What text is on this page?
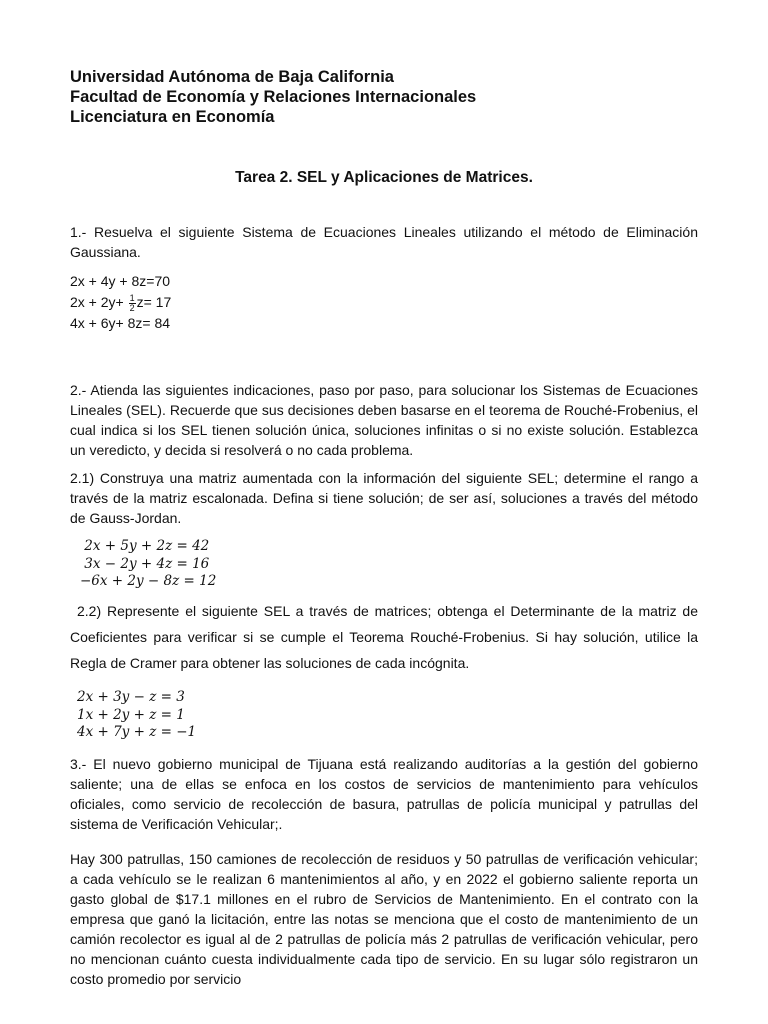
Universidad Autónoma de Baja California
Facultad de Economía y Relaciones Internacionales
Licenciatura en Economía
Tarea 2. SEL y Aplicaciones de Matrices.
1.- Resuelva el siguiente Sistema de Ecuaciones Lineales utilizando el método de Eliminación Gaussiana.
2x + 4y + 8z=70
$2x + 2y+ \frac{1}{2} z= 17$
4x + 6y+ 8z= 84
2.- Atienda las siguientes indicaciones, paso por paso, para solucionar los Sistemas de Ecuaciones Lineales (SEL). Recuerde que sus decisiones deben basarse en el teorema de Rouché-Frobenius, el cual indica si los SEL tienen solución única, soluciones infinitas o si no existe solución. Establezca un veredicto, y decida si resolverá o no cada problema.
2.1) Construya una matriz aumentada con la información del siguiente SEL; determine el rango a través de la matriz escalonada. Defina si tiene solución; de ser así, soluciones a través del método de Gauss-Jordan.
2x + 5y + 2z = 42
3x − 2y + 4z = 16
−6x + 2y − 8z = 12
2.2) Represente el siguiente SEL a través de matrices; obtenga el Determinante de la matriz de Coeficientes para verificar si se cumple el Teorema Rouché-Frobenius. Si hay solución, utilice la Regla de Cramer para obtener las soluciones de cada incógnita.
2x + 3y − z = 3
1x + 2y + z = 1
4x + 7y + z = −1
3.- El nuevo gobierno municipal de Tijuana está realizando auditorías a la gestión del gobierno saliente; una de ellas se enfoca en los costos de servicios de mantenimiento para vehículos oficiales, como servicio de recolección de basura, patrullas de policía municipal y patrullas del sistema de Verificación Vehicular;.
Hay 300 patrullas, 150 camiones de recolección de residuos y 50 patrullas de verificación vehicular; a cada vehículo se le realizan 6 mantenimientos al año, y en 2022 el gobierno saliente reporta un gasto global de $17.1 millones en el rubro de Servicios de Mantenimiento. En el contrato con la empresa que ganó la licitación, entre las notas se menciona que el costo de mantenimiento de un camión recolector es igual al de 2 patrullas de policía más 2 patrullas de verificación vehicular, pero no mencionan cuánto cuesta individualmente cada tipo de servicio. En su lugar sólo registraron un costo promedio por servicio
